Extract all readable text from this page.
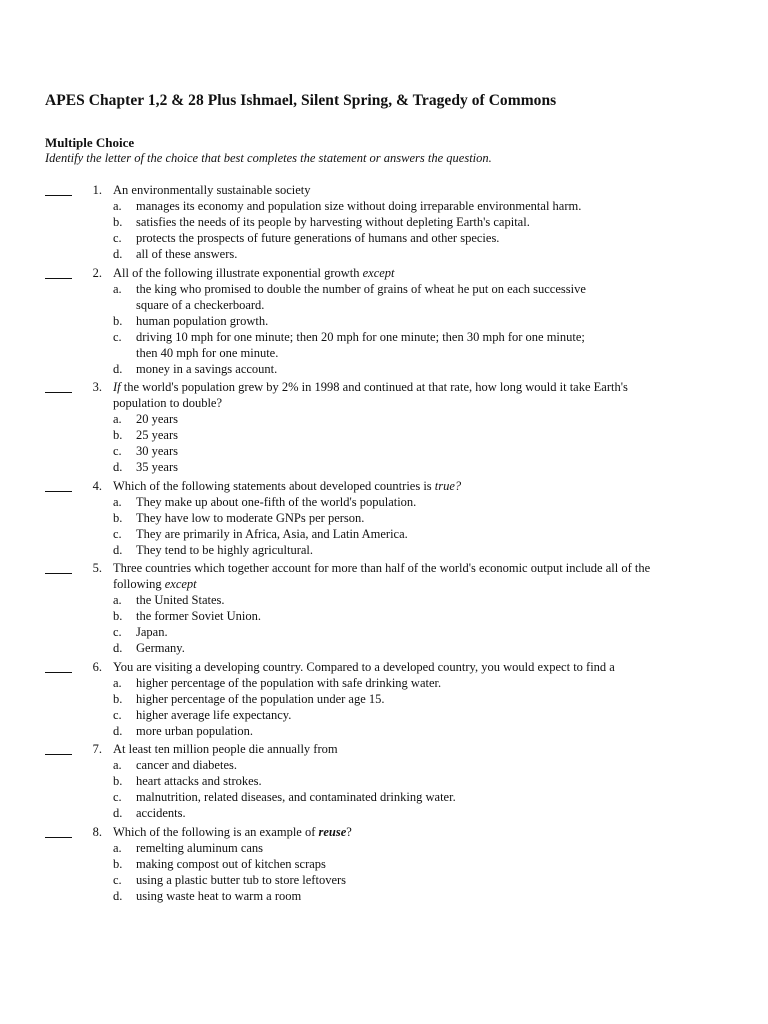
APES Chapter 1,2 & 28 Plus Ishmael, Silent Spring, & Tragedy of Commons
Multiple Choice
Identify the letter of the choice that best completes the statement or answers the question.
1. An environmentally sustainable society
a.	manages its economy and population size without doing irreparable environmental harm.
b.	satisfies the needs of its people by harvesting without depleting Earth's capital.
c.	protects the prospects of future generations of humans and other species.
d.	all of these answers.
2. All of the following illustrate exponential growth except
a.	the king who promised to double the number of grains of wheat he put on each successive
square of a checkerboard.
b.	human population growth.
c.	driving 10 mph for one minute; then 20 mph for one minute; then 30 mph for one minute;
then 40 mph for one minute.
d.	money in a savings account.
3. If the world's population grew by 2% in 1998 and continued at that rate, how long would it take Earth's
population to double?
a.	20 years
b.	25 years
c.	30 years
d.	35 years
4. Which of the following statements about developed countries is true?
a.	They make up about one-fifth of the world's population.
b.	They have low to moderate GNPs per person.
c.	They are primarily in Africa, Asia, and Latin America.
d.	They tend to be highly agricultural.
5. Three countries which together account for more than half of the world's economic output include all of the
following except
a.	the United States.
b.	the former Soviet Union.
c.	Japan.
d.	Germany.
6. You are visiting a developing country. Compared to a developed country, you would expect to find a
a.	higher percentage of the population with safe drinking water.
b.	higher percentage of the population under age 15.
c.	higher average life expectancy.
d.	more urban population.
7. At least ten million people die annually from
a.	cancer and diabetes.
b.	heart attacks and strokes.
c.	malnutrition, related diseases, and contaminated drinking water.
d.	accidents.
8. Which of the following is an example of reuse?
a.	remelting aluminum cans
b.	making compost out of kitchen scraps
c.	using a plastic butter tub to store leftovers
d.	using waste heat to warm a room
